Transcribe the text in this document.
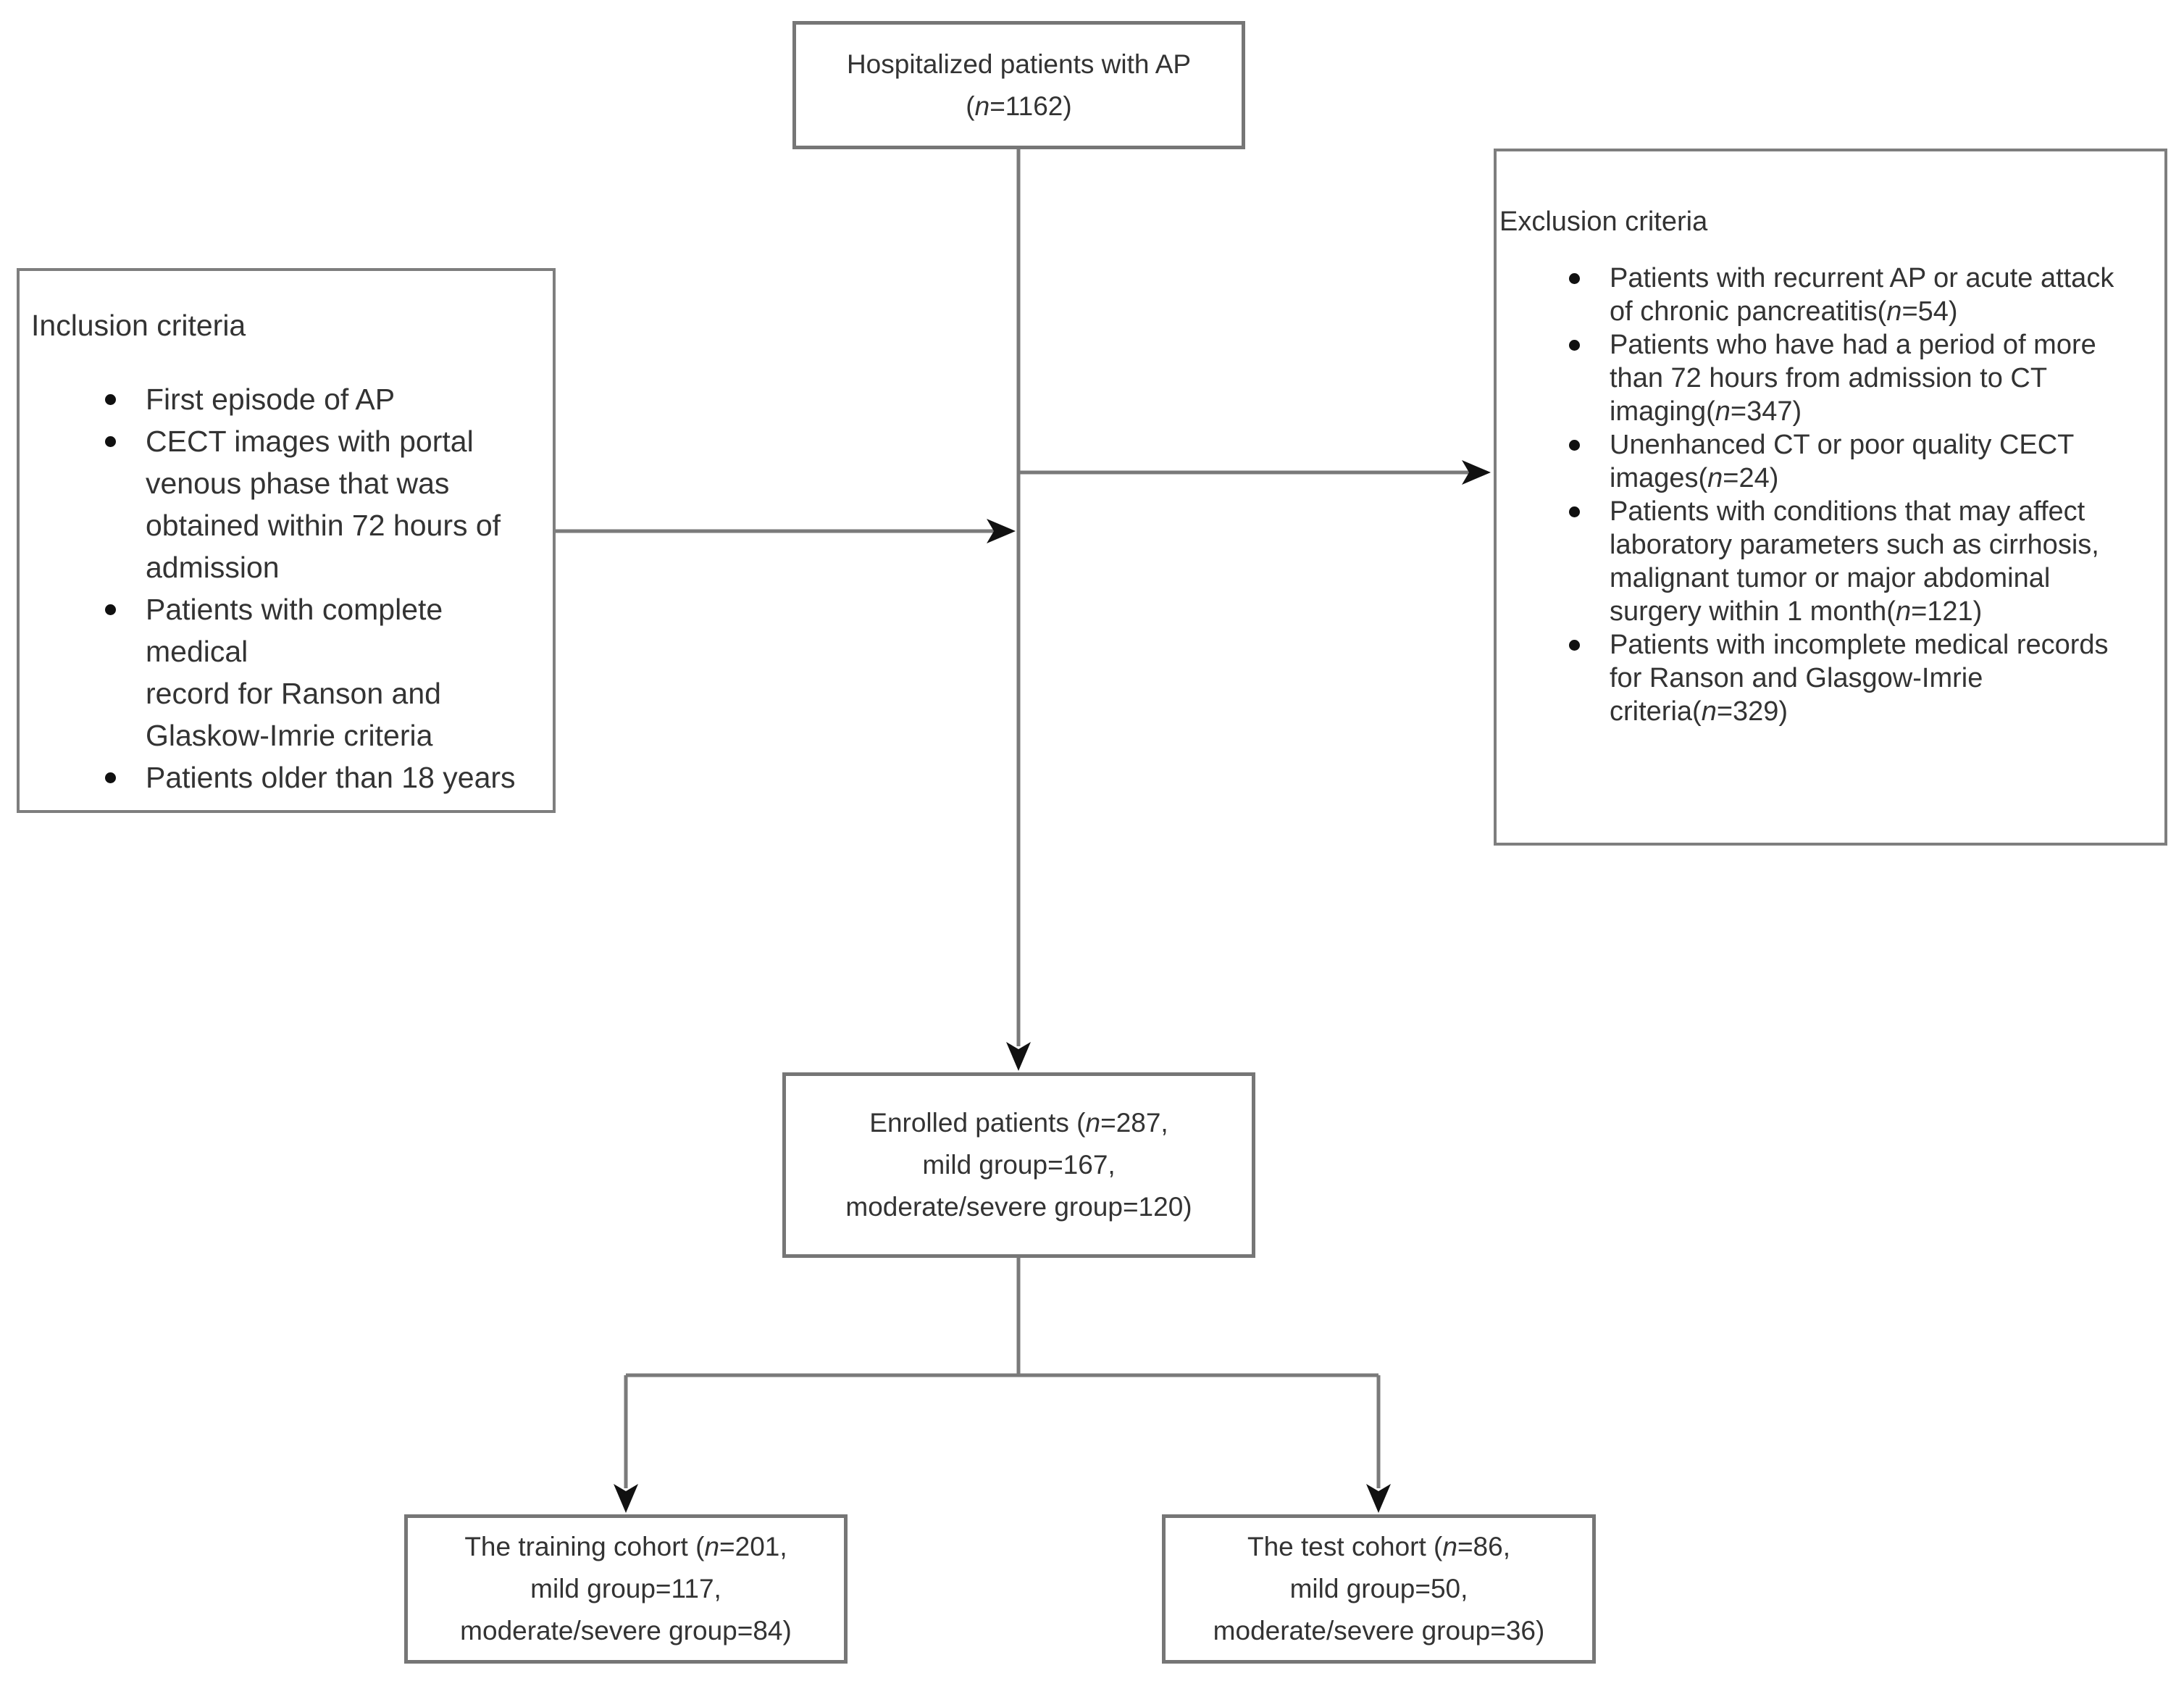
Hospitalized patients with AP
(n=1162)
Inclusion criteria
First episode of AP
CECT images with portal
venous phase that was
obtained within 72 hours of
admission
Patients with complete medical
record for Ranson and
Glaskow-Imrie criteria
Patients older than 18 years
Exclusion criteria
Patients with recurrent AP or acute attack
of chronic pancreatitis(n=54)
Patients who have had a period of more
than 72 hours from admission to CT
imaging(n=347)
Unenhanced CT or poor quality CECT
images(n=24)
Patients with conditions that may affect
laboratory parameters such as cirrhosis,
malignant tumor or major abdominal
surgery within 1 month(n=121)
Patients with incomplete medical records
for Ranson and Glasgow-Imrie
criteria(n=329)
Enrolled patients (n=287,
mild group=167,
moderate/severe group=120)
The training cohort (n=201,
mild group=117,
moderate/severe group=84)
The test cohort (n=86,
mild group=50,
moderate/severe group=36)
